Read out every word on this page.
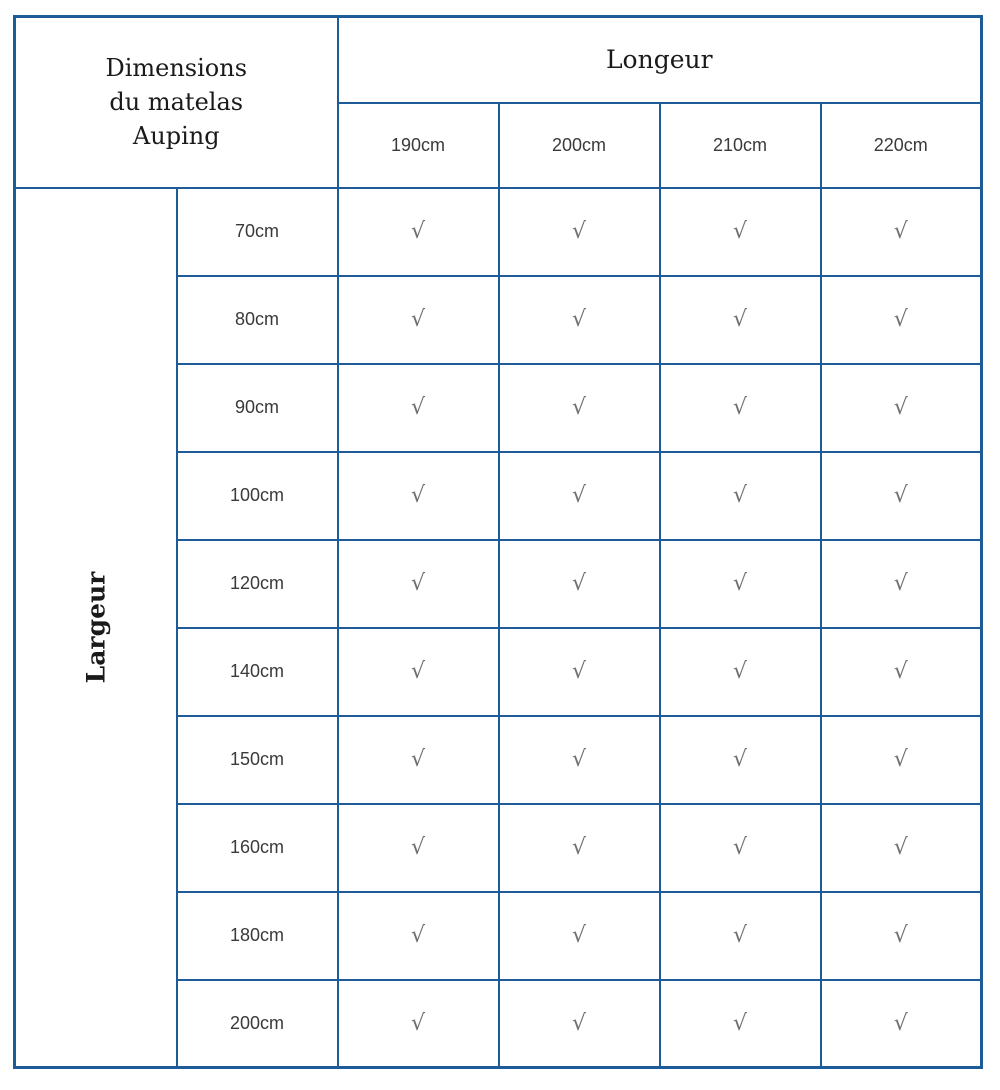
Dimensions
du matelas
Auping		Longeur			
		190cm	200cm	210cm	220cm
Largeur	70cm	√	√	√	√
	80cm	√	√	√	√
	90cm	√	√	√	√
	100cm	√	√	√	√
	120cm	√	√	√	√
	140cm	√	√	√	√
	150cm	√	√	√	√
	160cm	√	√	√	√
	180cm	√	√	√	√
	200cm	√	√	√	√
